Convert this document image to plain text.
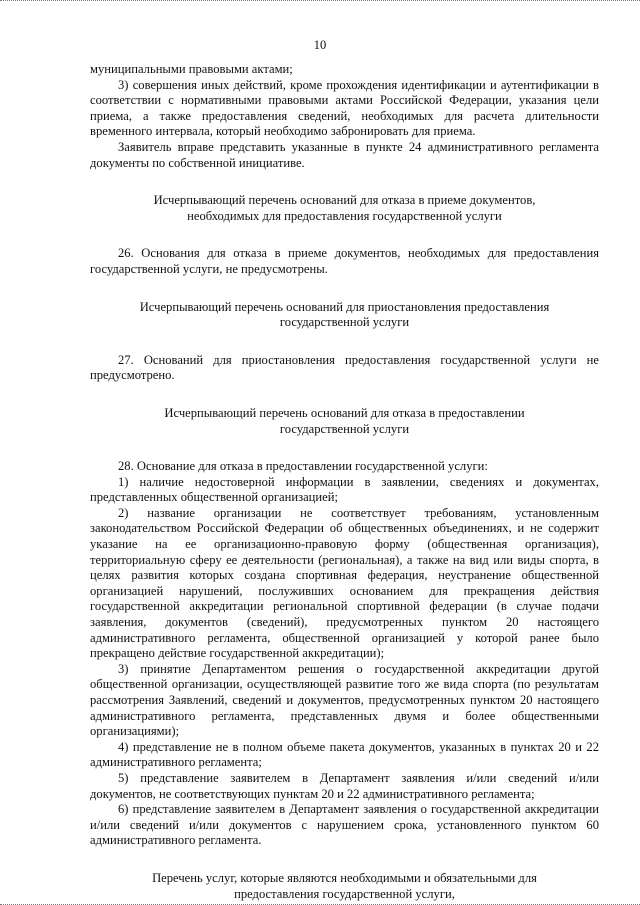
10

муниципальными правовыми актами;

3) совершения иных действий, кроме прохождения идентификации и аутентификации в соответствии с нормативными правовыми актами Российской Федерации, указания цели приема, а также предоставления сведений, необходимых для расчета длительности временного интервала, который необходимо забронировать для приема.

Заявитель вправе представить указанные в пункте 24 административного регламента документы по собственной инициативе.

Исчерпывающий перечень оснований для отказа в приеме документов, необходимых для предоставления государственной услуги

26. Основания для отказа в приеме документов, необходимых для предоставления государственной услуги, не предусмотрены.

Исчерпывающий перечень оснований для приостановления предоставления государственной услуги

27. Оснований для приостановления предоставления государственной услуги не предусмотрено.

Исчерпывающий перечень оснований для отказа в предоставлении государственной услуги

28. Основание для отказа в предоставлении государственной услуги:

1) наличие недостоверной информации в заявлении, сведениях и документах, представленных общественной организацией;

2) название организации не соответствует требованиям, установленным законодательством Российской Федерации об общественных объединениях, и не содержит указание на ее организационно-правовую форму (общественная организация), территориальную сферу ее деятельности (региональная), а также на вид или виды спорта, в целях развития которых создана спортивная федерация, неустранение общественной организацией нарушений, послуживших основанием для прекращения действия государственной аккредитации региональной спортивной федерации (в случае подачи заявления, документов (сведений), предусмотренных пунктом 20 настоящего административного регламента, общественной организацией у которой ранее было прекращено действие государственной аккредитации);

3) принятие Департаментом решения о государственной аккредитации другой общественной организации, осуществляющей развитие того же вида спорта (по результатам рассмотрения Заявлений, сведений и документов, предусмотренных пунктом 20 настоящего административного регламента, представленных двумя и более общественными организациями);

4) представление не в полном объеме пакета документов, указанных в пунктах 20 и 22 административного регламента;

5) представление заявителем в Департамент заявления и/или сведений и/или документов, не соответствующих пунктам 20 и 22 административного регламента;

6) представление заявителем в Департамент заявления о государственной аккредитации и/или сведений и/или документов с нарушением срока, установленного пунктом 60 административного регламента.

Перечень услуг, которые являются необходимыми и обязательными для предоставления государственной услуги,
